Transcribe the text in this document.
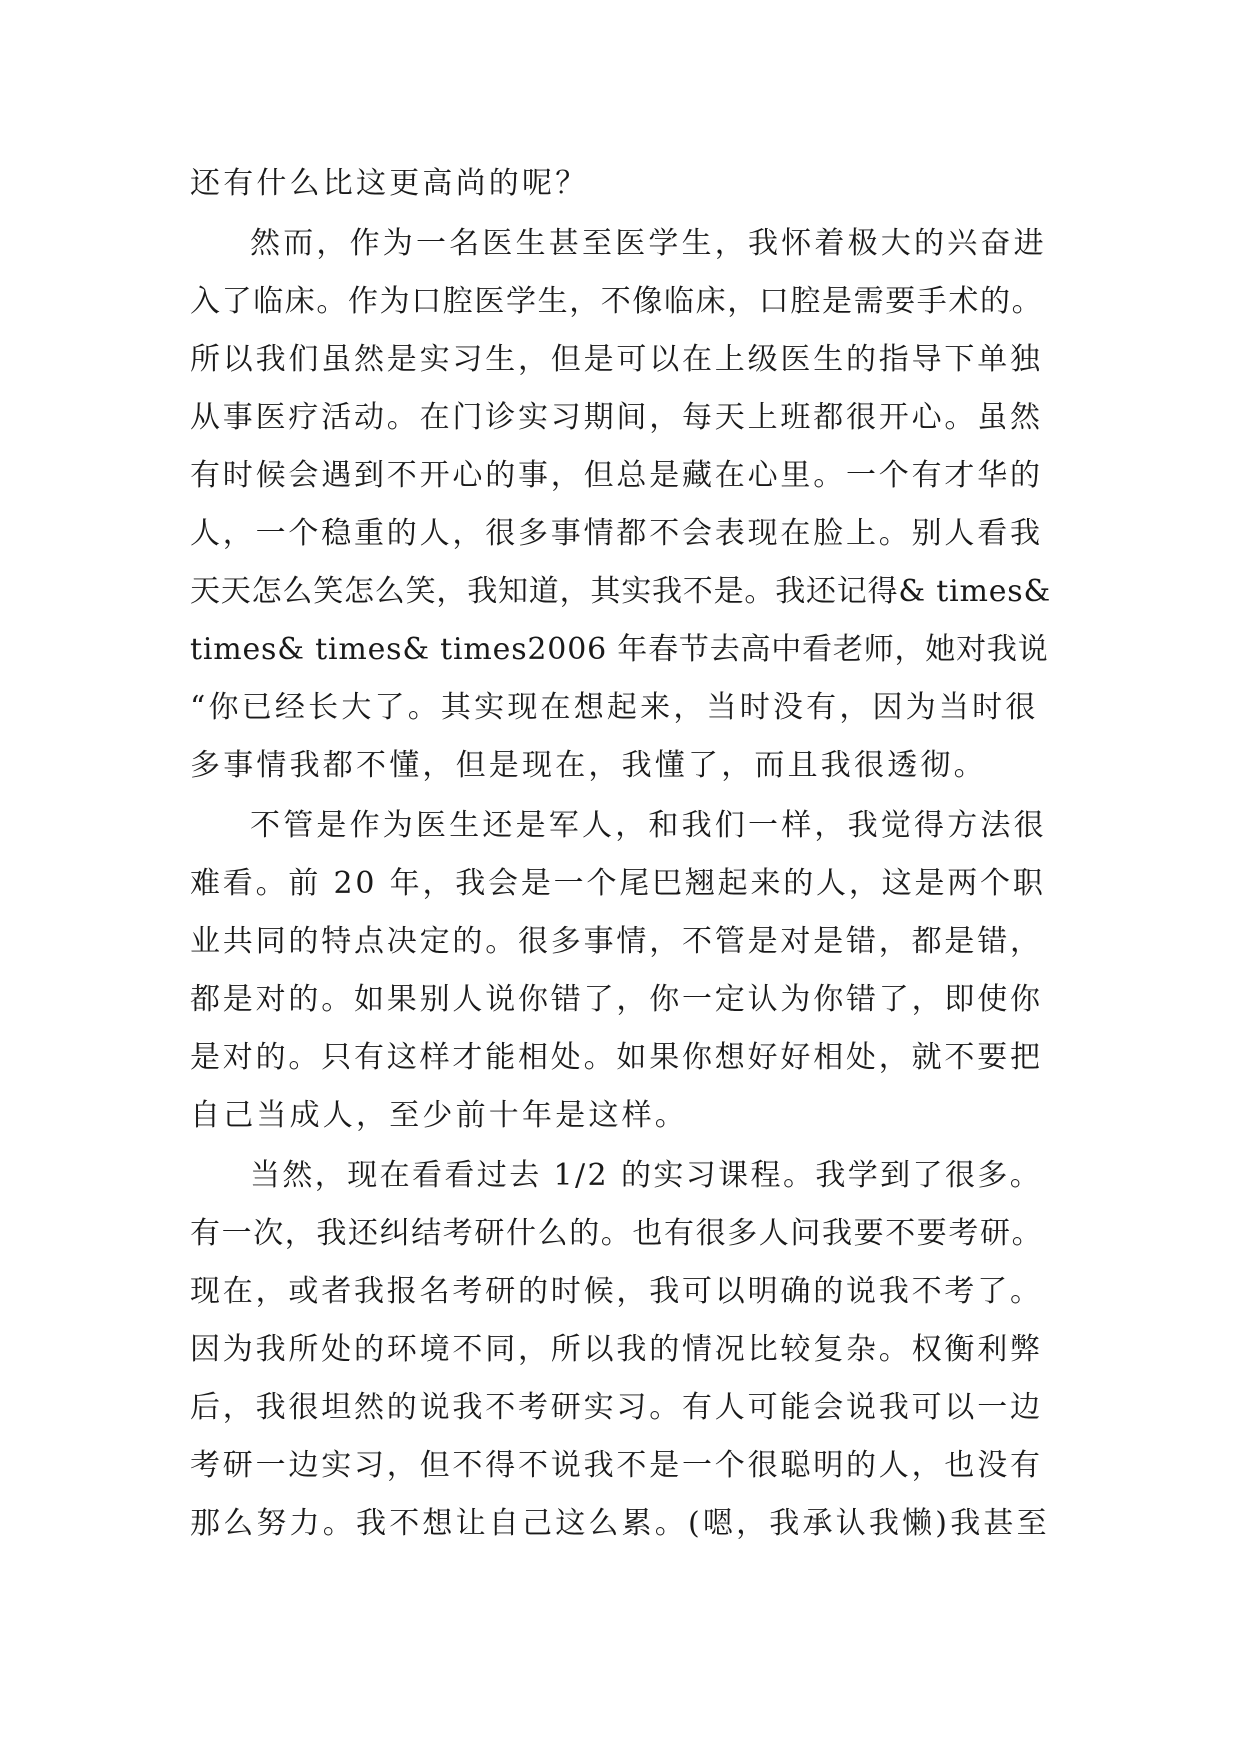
还有什么比这更高尚的呢？
然而，作为一名医生甚至医学生，我怀着极大的兴奋进
入了临床。作为口腔医学生，不像临床，口腔是需要手术的。
所以我们虽然是实习生，但是可以在上级医生的指导下单独
从事医疗活动。在门诊实习期间，每天上班都很开心。虽然
有时候会遇到不开心的事，但总是藏在心里。一个有才华的
人，一个稳重的人，很多事情都不会表现在脸上。别人看我
天天怎么笑怎么笑，我知道，其实我不是。我还记得& times&
times& times& times2006 年春节去高中看老师，她对我说
“你已经长大了。其实现在想起来，当时没有，因为当时很
多事情我都不懂，但是现在，我懂了，而且我很透彻。
不管是作为医生还是军人，和我们一样，我觉得方法很
难看。前 20 年，我会是一个尾巴翘起来的人，这是两个职
业共同的特点决定的。很多事情，不管是对是错，都是错，
都是对的。如果别人说你错了，你一定认为你错了，即使你
是对的。只有这样才能相处。如果你想好好相处，就不要把
自己当成人，至少前十年是这样。
当然，现在看看过去 1/2 的实习课程。我学到了很多。
有一次，我还纠结考研什么的。也有很多人问我要不要考研。
现在，或者我报名考研的时候，我可以明确的说我不考了。
因为我所处的环境不同，所以我的情况比较复杂。权衡利弊
后，我很坦然的说我不考研实习。有人可能会说我可以一边
考研一边实习，但不得不说我不是一个很聪明的人，也没有
那么努力。我不想让自己这么累。(嗯，我承认我懒)我甚至
